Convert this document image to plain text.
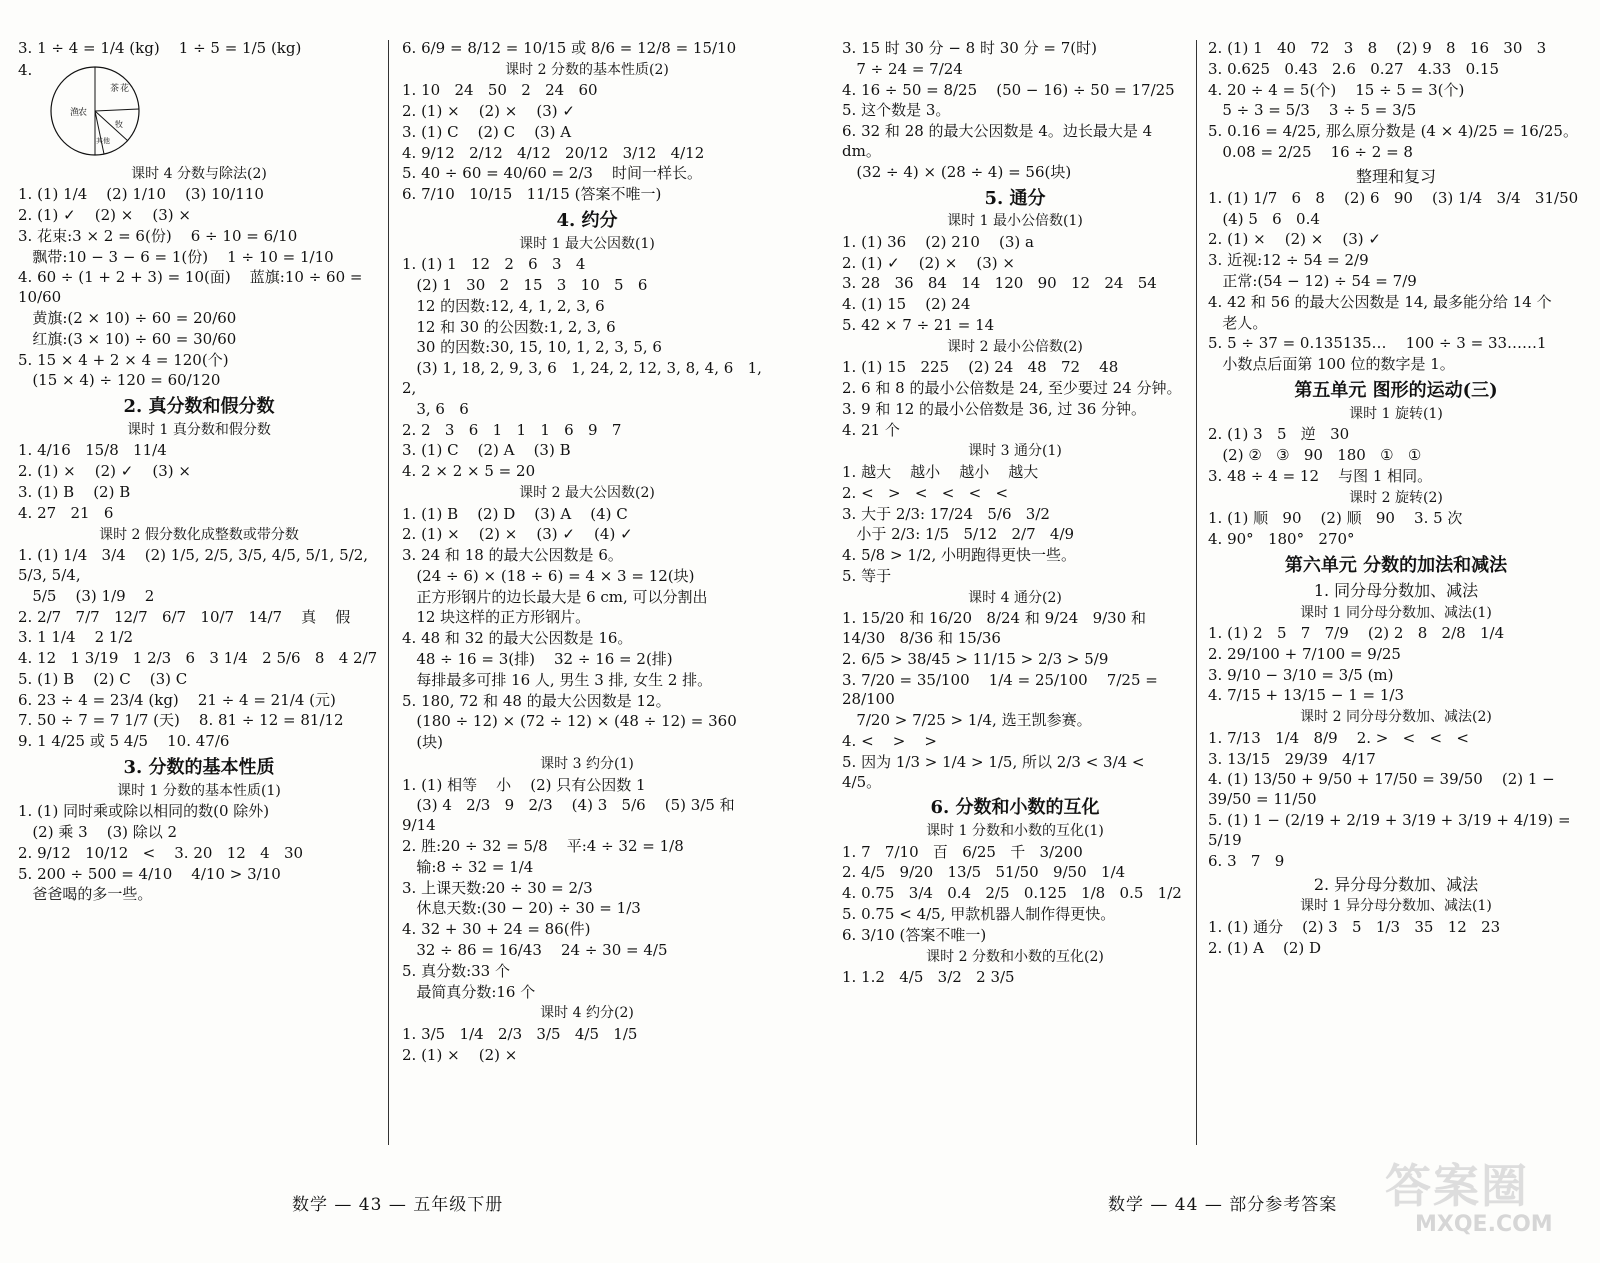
3. 1 ÷ 4 = 1/4 (kg)    1 ÷ 5 = 1/5 (kg)
4.
渔
农
茶 花
牧
其他
课时 4 分数与除法(2)
1. (1) 1/4    (2) 1/10    (3) 10/110
2. (1) ✓    (2) ×    (3) ×
3. 花束:3 × 2 = 6(份)    6 ÷ 10 = 6/10
飘带:10 − 3 − 6 = 1(份)    1 ÷ 10 = 1/10
4. 60 ÷ (1 + 2 + 3) = 10(面)    蓝旗:10 ÷ 60 = 10/60
黄旗:(2 × 10) ÷ 60 = 20/60
红旗:(3 × 10) ÷ 60 = 30/60
5. 15 × 4 + 2 × 4 = 120(个)
(15 × 4) ÷ 120 = 60/120
2. 真分数和假分数
课时 1 真分数和假分数
1. 4/16   15/8   11/4
2. (1) ×    (2) ✓    (3) ×
3. (1) B    (2) B
4. 27   21   6
课时 2 假分数化成整数或带分数
1. (1) 1/4   3/4    (2) 1/5, 2/5, 3/5, 4/5, 5/1, 5/2, 5/3, 5/4,
5/5    (3) 1/9    2
2. 2/7   7/7   12/7   6/7   10/7   14/7    真    假
3. 1 1/4    2 1/2
4. 12   1 3/19   1 2/3   6   3 1/4   2 5/6   8   4 2/7
5. (1) B    (2) C    (3) C
6. 23 ÷ 4 = 23/4 (kg)    21 ÷ 4 = 21/4 (元)
7. 50 ÷ 7 = 7 1/7 (天)    8. 81 ÷ 12 = 81/12
9. 1 4/25 或 5 4/5    10. 47/6
3. 分数的基本性质
课时 1 分数的基本性质(1)
1. (1) 同时乘或除以相同的数(0 除外)
(2) 乘 3    (3) 除以 2
2. 9/12   10/12   <    3. 20   12   4   30
5. 200 ÷ 500 = 4/10    4/10 > 3/10
爸爸喝的多一些。
6. 6/9 = 8/12 = 10/15 或 8/6 = 12/8 = 15/10
课时 2 分数的基本性质(2)
1. 10   24   50   2   24   60
2. (1) ×    (2) ×    (3) ✓
3. (1) C    (2) C    (3) A
4. 9/12   2/12   4/12   20/12   3/12   4/12
5. 40 ÷ 60 = 40/60 = 2/3    时间一样长。
6. 7/10   10/15   11/15 (答案不唯一)
4. 约分
课时 1 最大公因数(1)
1. (1) 1   12   2   6   3   4
(2) 1   30   2   15   3   10   5   6
12 的因数:12, 4, 1, 2, 3, 6
12 和 30 的公因数:1, 2, 3, 6
30 的因数:30, 15, 10, 1, 2, 3, 5, 6
(3) 1, 18, 2, 9, 3, 6   1, 24, 2, 12, 3, 8, 4, 6   1, 2,
3, 6   6
2. 2   3   6   1   1   1   6   9   7
3. (1) C    (2) A    (3) B
4. 2 × 2 × 5 = 20
课时 2 最大公因数(2)
1. (1) B    (2) D    (3) A    (4) C
2. (1) ×    (2) ×    (3) ✓    (4) ✓
3. 24 和 18 的最大公因数是 6。
(24 ÷ 6) × (18 ÷ 6) = 4 × 3 = 12(块)
正方形钢片的边长最大是 6 cm, 可以分割出
12 块这样的正方形钢片。
4. 48 和 32 的最大公因数是 16。
48 ÷ 16 = 3(排)    32 ÷ 16 = 2(排)
每排最多可排 16 人, 男生 3 排, 女生 2 排。
5. 180, 72 和 48 的最大公因数是 12。
(180 ÷ 12) × (72 ÷ 12) × (48 ÷ 12) = 360
(块)
课时 3 约分(1)
1. (1) 相等    小    (2) 只有公因数 1
(3) 4   2/3   9   2/3    (4) 3   5/6    (5) 3/5 和 9/14
2. 胜:20 ÷ 32 = 5/8    平:4 ÷ 32 = 1/8
输:8 ÷ 32 = 1/4
3. 上课天数:20 ÷ 30 = 2/3
休息天数:(30 − 20) ÷ 30 = 1/3
4. 32 + 30 + 24 = 86(件)
32 ÷ 86 = 16/43    24 ÷ 30 = 4/5
5. 真分数:33 个
最简真分数:16 个
课时 4 约分(2)
1. 3/5   1/4   2/3   3/5   4/5   1/5
2. (1) ×    (2) ×
3. 15 时 30 分 − 8 时 30 分 = 7(时)
7 ÷ 24 = 7/24
4. 16 ÷ 50 = 8/25    (50 − 16) ÷ 50 = 17/25
5. 这个数是 3。
6. 32 和 28 的最大公因数是 4。边长最大是 4 dm。
(32 ÷ 4) × (28 ÷ 4) = 56(块)
5. 通分
课时 1 最小公倍数(1)
1. (1) 36    (2) 210    (3) a
2. (1) ✓    (2) ×    (3) ×
3. 28   36   84   14   120   90   12   24   54
4. (1) 15    (2) 24
5. 42 × 7 ÷ 21 = 14
课时 2 最小公倍数(2)
1. (1) 15   225    (2) 24   48   72    48
2. 6 和 8 的最小公倍数是 24, 至少要过 24 分钟。
3. 9 和 12 的最小公倍数是 36, 过 36 分钟。
4. 21 个
课时 3 通分(1)
1. 越大    越小    越小    越大
2. <   >   <   <   <   <
3. 大于 2/3: 17/24   5/6   3/2
小于 2/3: 1/5   5/12   2/7   4/9
4. 5/8 > 1/2, 小明跑得更快一些。
5. 等于
课时 4 通分(2)
1. 15/20 和 16/20   8/24 和 9/24   9/30 和 14/30   8/36 和 15/36
2. 6/5 > 38/45 > 11/15 > 2/3 > 5/9
3. 7/20 = 35/100    1/4 = 25/100    7/25 = 28/100
7/20 > 7/25 > 1/4, 选王凯参赛。
4. <    >    >
5. 因为 1/3 > 1/4 > 1/5, 所以 2/3 < 3/4 < 4/5。
6. 分数和小数的互化
课时 1 分数和小数的互化(1)
1. 7   7/10   百   6/25   千   3/200
2. 4/5   9/20   13/5   51/50   9/50   1/4
4. 0.75   3/4   0.4   2/5   0.125   1/8   0.5   1/2
5. 0.75 < 4/5, 甲款机器人制作得更快。
6. 3/10 (答案不唯一)
课时 2 分数和小数的互化(2)
1. 1.2   4/5   3/2   2 3/5
2. (1) 1   40   72   3   8    (2) 9   8   16   30   3
3. 0.625   0.43   2.6   0.27   4.33   0.15
4. 20 ÷ 4 = 5(个)    15 ÷ 5 = 3(个)
5 ÷ 3 = 5/3    3 ÷ 5 = 3/5
5. 0.16 = 4/25, 那么原分数是 (4 × 4)/25 = 16/25。
0.08 = 2/25    16 ÷ 2 = 8
整理和复习
1. (1) 1/7   6   8    (2) 6   90    (3) 1/4   3/4   31/50
(4) 5   6   0.4
2. (1) ×    (2) ×    (3) ✓
3. 近视:12 ÷ 54 = 2/9
正常:(54 − 12) ÷ 54 = 7/9
4. 42 和 56 的最大公因数是 14, 最多能分给 14 个
老人。
5. 5 ÷ 37 = 0.135135…    100 ÷ 3 = 33……1
小数点后面第 100 位的数字是 1。
第五单元 图形的运动(三)
课时 1 旋转(1)
2. (1) 3   5   逆   30
(2) ②   ③   90   180   ①   ①
3. 48 ÷ 4 = 12    与图 1 相同。
课时 2 旋转(2)
1. (1) 顺   90    (2) 顺   90    3. 5 次
4. 90°   180°   270°
第六单元 分数的加法和减法
1. 同分母分数加、减法
课时 1 同分母分数加、减法(1)
1. (1) 2   5   7   7/9    (2) 2   8   2/8   1/4
2. 29/100 + 7/100 = 9/25
3. 9/10 − 3/10 = 3/5 (m)
4. 7/15 + 13/15 − 1 = 1/3
课时 2 同分母分数加、减法(2)
1. 7/13   1/4   8/9    2. >   <   <   <
3. 13/15   29/39   4/17
4. (1) 13/50 + 9/50 + 17/50 = 39/50    (2) 1 − 39/50 = 11/50
5. (1) 1 − (2/19 + 2/19 + 3/19 + 3/19 + 4/19) = 5/19
6. 3   7   9
2. 异分母分数加、减法
课时 1 异分母分数加、减法(1)
1. (1) 通分    (2) 3   5   1/3   35   12   23
2. (1) A    (2) D
数学 — 43 — 五年级下册	数学 — 44 — 部分参考答案 答案圈
MXQE.COM
